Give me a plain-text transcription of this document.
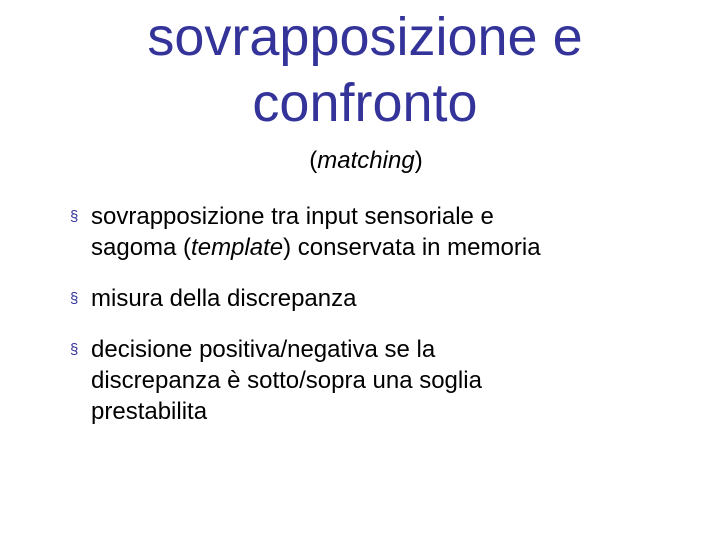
sovrapposizione e
confronto
(matching)
§ sovrapposizione tra input sensoriale e
sagoma (template) conservata in memoria
§ misura della discrepanza
§ decisione positiva/negativa se la
discrepanza è sotto/sopra una soglia
prestabilita
